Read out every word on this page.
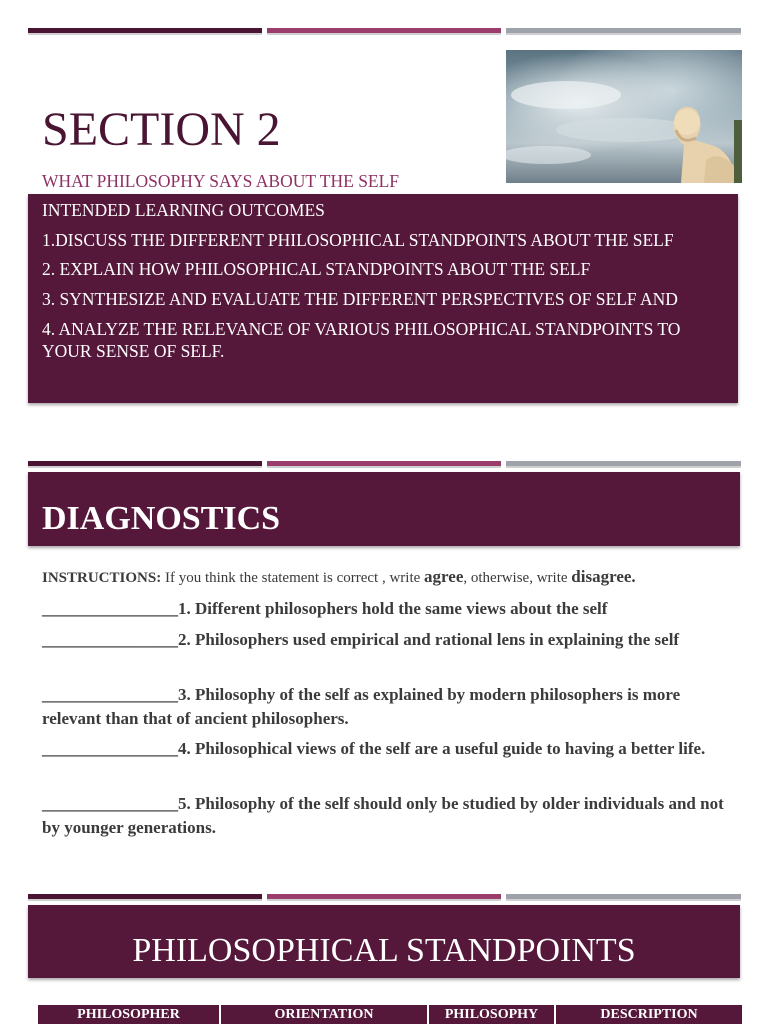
SECTION 2
WHAT PHILOSOPHY SAYS ABOUT THE SELF
INTENDED LEARNING OUTCOMES
1.DISCUSS THE DIFFERENT PHILOSOPHICAL STANDPOINTS ABOUT THE SELF
2. EXPLAIN HOW PHILOSOPHICAL STANDPOINTS ABOUT THE SELF
3. SYNTHESIZE AND EVALUATE THE DIFFERENT PERSPECTIVES OF SELF AND
4. ANALYZE THE RELEVANCE OF VARIOUS PHILOSOPHICAL STANDPOINTS TO YOUR SENSE OF SELF.
DIAGNOSTICS
INSTRUCTIONS: If you think the statement is correct , write agree, otherwise, write disagree.
________________1. Different philosophers hold the same views about the self
________________2. Philosophers used empirical and rational lens in explaining the self
________________3. Philosophy of the self as explained by modern philosophers is more relevant than that of ancient philosophers.
________________4. Philosophical views of the self are a useful guide to having a better life.
________________5. Philosophy of the self should only be studied by older individuals and not by younger generations.
PHILOSOPHICAL STANDPOINTS
PHILOSOPHER	ORIENTATION	PHILOSOPHY	DESCRIPTION
